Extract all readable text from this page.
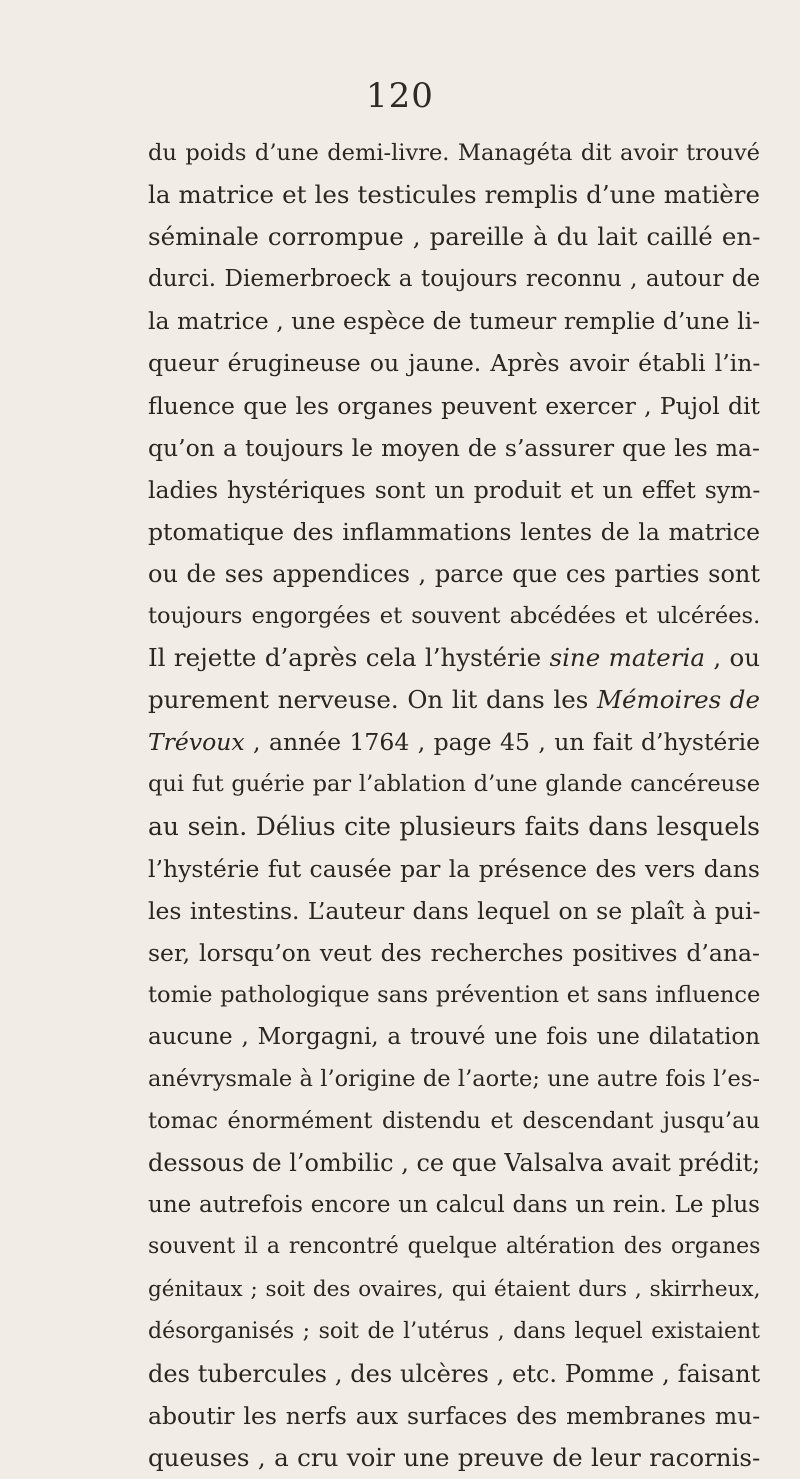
120
du poids d’une demi-livre. Managéta dit avoir trouvé
la matrice et les testicules remplis d’une matière
séminale corrompue , pareille à du lait caillé en-
durci. Diemerbroeck a toujours reconnu , autour de
la matrice , une espèce de tumeur remplie d’une li-
queur érugineuse ou jaune. Après avoir établi l’in-
fluence que les organes peuvent exercer , Pujol dit
qu’on a toujours le moyen de s’assurer que les ma-
ladies hystériques sont un produit et un effet sym-
ptomatique des inflammations lentes de la matrice
ou de ses appendices , parce que ces parties sont
toujours engorgées et souvent abcédées et ulcérées.
Il rejette d’après cela l’hystérie sine materia , ou
purement nerveuse. On lit dans les Mémoires de
Trévoux , année 1764 , page 45 , un fait d’hystérie
qui fut guérie par l’ablation d’une glande cancéreuse
au sein. Délius cite plusieurs faits dans lesquels
l’hystérie fut causée par la présence des vers dans
les intestins. L’auteur dans lequel on se plaît à pui-
ser, lorsqu’on veut des recherches positives d’ana-
tomie pathologique sans prévention et sans influence
aucune , Morgagni, a trouvé une fois une dilatation
anévrysmale à l’origine de l’aorte; une autre fois l’es-
tomac énormément distendu et descendant jusqu’au
dessous de l’ombilic , ce que Valsalva avait prédit;
une autrefois encore un calcul dans un rein. Le plus
souvent il a rencontré quelque altération des organes
génitaux ; soit des ovaires, qui étaient durs , skirrheux,
désorganisés ; soit de l’utérus , dans lequel existaient
des tubercules , des ulcères , etc. Pomme , faisant
aboutir les nerfs aux surfaces des membranes mu-
queuses , a cru voir une preuve de leur racornis-
